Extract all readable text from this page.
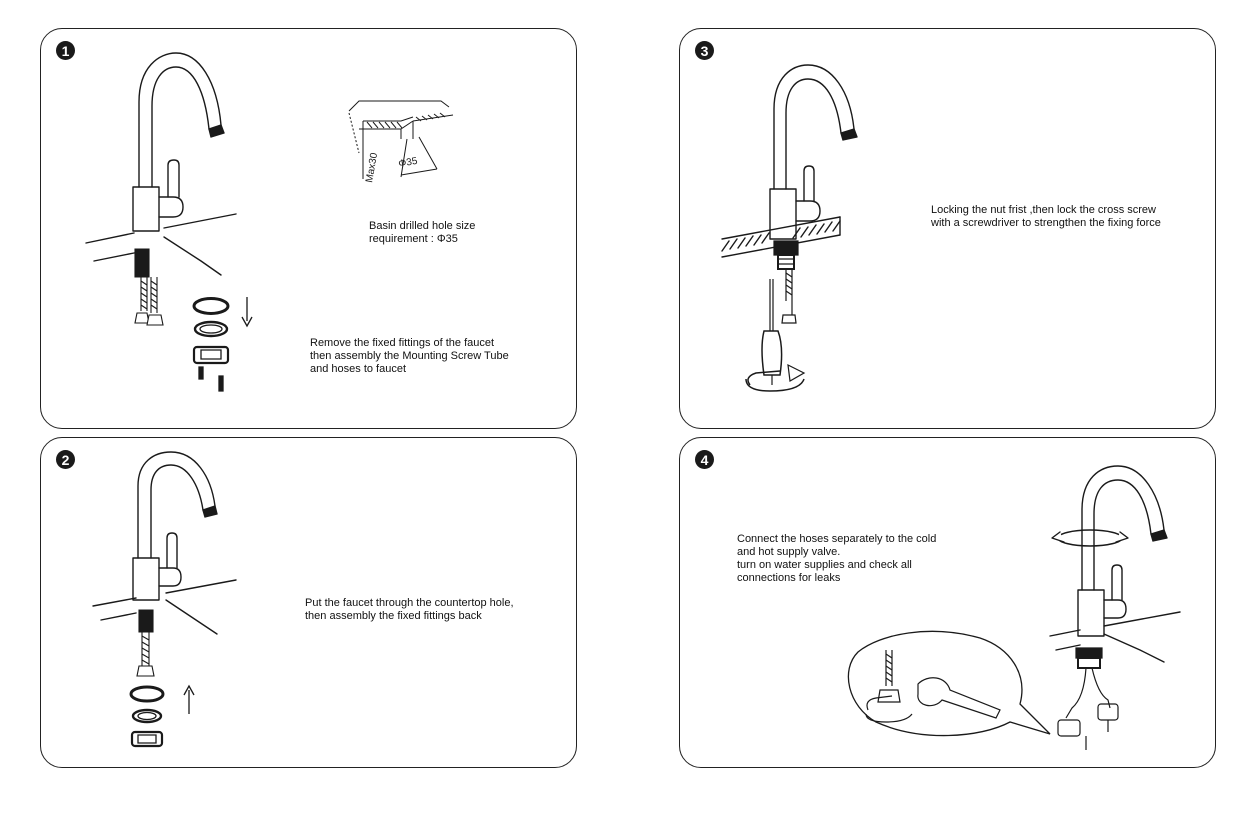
1
Max30 Φ35
Basin drilled hole size
requirement : Φ35
Remove the fixed fittings of the faucet
then assembly the Mounting Screw Tube
and hoses to faucet
2
Put the faucet through the countertop hole,
then assembly the fixed fittings back
3
Locking the nut frist ,then lock the cross screw
with a screwdriver to strengthen the fixing force
4
Connect the hoses separately to the cold
and hot supply valve.
turn on water supplies and check all
connections for leaks
